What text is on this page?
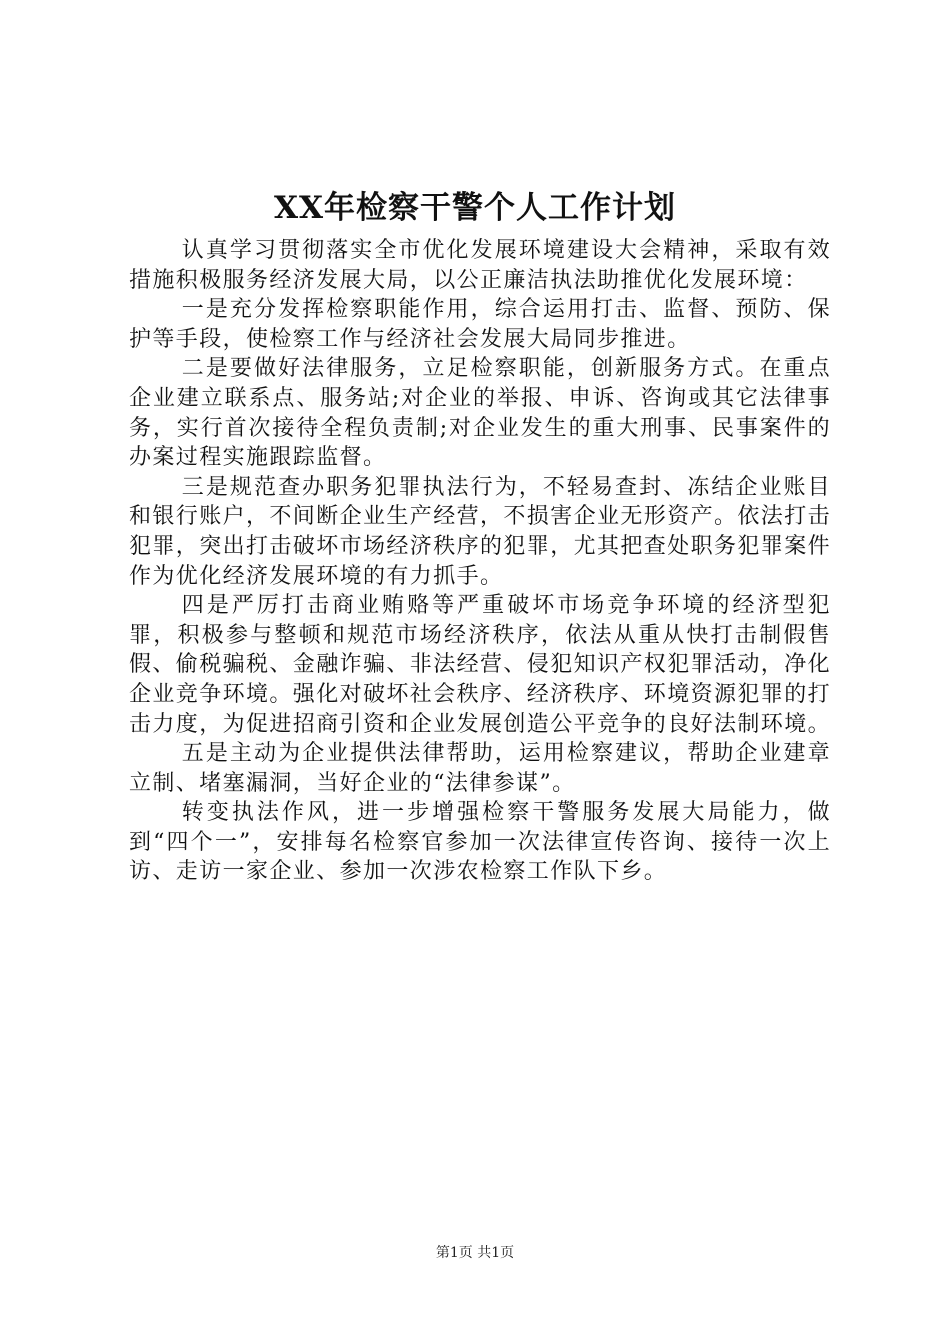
XX年检察干警个人工作计划

认真学习贯彻落实全市优化发展环境建设大会精神，采取有效措施积极服务经济发展大局，以公正廉洁执法助推优化发展环境：

一是充分发挥检察职能作用，综合运用打击、监督、预防、保护等手段，使检察工作与经济社会发展大局同步推进。

二是要做好法律服务，立足检察职能，创新服务方式。在重点企业建立联系点、服务站;对企业的举报、申诉、咨询或其它法律事务，实行首次接待全程负责制;对企业发生的重大刑事、民事案件的办案过程实施跟踪监督。

三是规范查办职务犯罪执法行为，不轻易查封、冻结企业账目和银行账户，不间断企业生产经营，不损害企业无形资产。依法打击犯罪，突出打击破坏市场经济秩序的犯罪，尤其把查处职务犯罪案件作为优化经济发展环境的有力抓手。

四是严厉打击商业贿赂等严重破坏市场竞争环境的经济型犯罪，积极参与整顿和规范市场经济秩序，依法从重从快打击制假售假、偷税骗税、金融诈骗、非法经营、侵犯知识产权犯罪活动，净化企业竞争环境。强化对破坏社会秩序、经济秩序、环境资源犯罪的打击力度，为促进招商引资和企业发展创造公平竞争的良好法制环境。

五是主动为企业提供法律帮助，运用检察建议，帮助企业建章立制、堵塞漏洞，当好企业的“法律参谋”。

转变执法作风，进一步增强检察干警服务发展大局能力，做到“四个一”，安排每名检察官参加一次法律宣传咨询、接待一次上访、走访一家企业、参加一次涉农检察工作队下乡。

第1页 共1页
